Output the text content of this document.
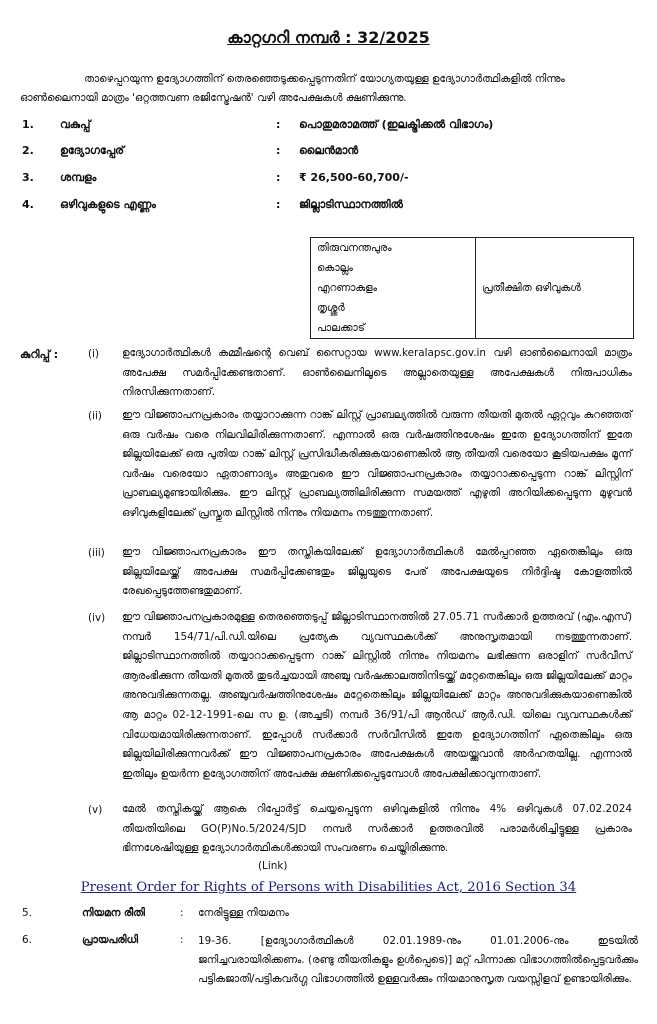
കാറ്റഗറി നമ്പർ : 32/2025
താഴെപ്പറയുന്ന ഉദ്യോഗത്തിന് തെരഞ്ഞെടുക്കപ്പെടുന്നതിന് യോഗ്യതയുള്ള ഉദ്യോഗാർത്ഥികളിൽ നിന്നും ഓൺലൈനായി മാത്രം 'ഒറ്റത്തവണ രജിസ്ട്രേഷൻ' വഴി അപേക്ഷകൾ ക്ഷണിക്കുന്നു.
1. വകുപ്പ്	: പൊതുമരാമത്ത് (ഇലക്ട്രിക്കൽ വിഭാഗം)
2. ഉദ്യോഗപ്പേര്	: ലൈൻമാൻ
3. ശമ്പളം	: ₹ 26,500-60,700/-
4. ഒഴിവുകളുടെ എണ്ണം	: ജില്ലാടിസ്ഥാനത്തിൽ
തിരുവനന്തപുരം
കൊല്ലം
എറണാകുളം
തൃശ്ശൂർ
പാലക്കാട്
	പ്രതീക്ഷിത ഒഴിവുകൾ
കുറിപ്പ് :	(i) ഉദ്യോഗാർത്ഥികൾ കമ്മീഷന്റെ വെബ് സൈറ്റായ www.keralapsc.gov.in വഴി ഓൺലൈനായി മാത്രം അപേക്ഷ സമർപ്പിക്കേണ്ടതാണ്. ഓൺലൈനിലൂടെ അല്ലാതെയുള്ള അപേക്ഷകൾ നിരുപാധികം നിരസിക്കുന്നതാണ്.
(ii) ഈ വിജ്ഞാപനപ്രകാരം തയ്യാറാക്കുന്ന റാങ്ക് ലിസ്റ്റ് പ്രാബല്യത്തിൽ വരുന്ന തീയതി മുതൽ ഏറ്റവും കുറഞ്ഞത് ഒരു വർഷം വരെ നിലവിലിരിക്കുന്നതാണ്. എന്നാൽ ഒരു വർഷത്തിനുശേഷം ഇതേ ഉദ്യോഗത്തിന് ഇതേ ജില്ലയിലേക്ക് ഒരു പുതിയ റാങ്ക് ലിസ്റ്റ് പ്രസിദ്ധീകരിക്കുകയാണെങ്കിൽ ആ തീയതി വരെയോ കൂടിയപക്ഷം മൂന്ന് വർഷം വരെയോ ഏതാണാദ്യം അതുവരെ ഈ വിജ്ഞാപനപ്രകാരം തയ്യാറാക്കപ്പെടുന്ന റാങ്ക് ലിസ്റ്റിന് പ്രാബല്യമുണ്ടായിരിക്കും. ഈ ലിസ്റ്റ് പ്രാബല്യത്തിലിരിക്കുന്ന സമയത്ത് എഴുതി അറിയിക്കപ്പെടുന്ന മുഴുവൻ ഒഴിവുകളിലേക്ക് പ്രസ്തുത ലിസ്റ്റിൽ നിന്നും നിയമനം നടത്തുന്നതാണ്.
(iii) ഈ വിജ്ഞാപനപ്രകാരം ഈ തസ്തികയിലേക്ക് ഉദ്യോഗാർത്ഥികൾ മേൽപ്പറഞ്ഞ ഏതെങ്കിലും ഒരു ജില്ലയിലേയ്ക്ക് അപേക്ഷ സമർപ്പിക്കേണ്ടതും ജില്ലയുടെ പേര് അപേക്ഷയുടെ നിർദ്ദിഷ്ട കോളത്തിൽ രേഖപ്പെടുത്തേണ്ടതുമാണ്.
(iv) ഈ വിജ്ഞാപനപ്രകാരമുള്ള തെരഞ്ഞെടുപ്പ് ജില്ലാടിസ്ഥാനത്തിൽ 27.05.71 സർക്കാർ ഉത്തരവ് (എം.എസ്) നമ്പർ 154/71/പി.ഡി.യിലെ പ്രത്യേക വ്യവസ്ഥകൾക്ക് അനുസൃതമായി നടത്തുന്നതാണ്. ജില്ലാടിസ്ഥാനത്തിൽ തയ്യാറാക്കപ്പെടുന്ന റാങ്ക് ലിസ്റ്റിൽ നിന്നും നിയമനം ലഭിക്കുന്ന ഒരാളിന് സർവീസ് ആരംഭിക്കുന്ന തീയതി മുതൽ തുടർച്ചയായി അഞ്ചു വർഷക്കാലത്തിനിടയ്ക്ക് മറ്റേതെങ്കിലും ഒരു ജില്ലയിലേക്ക് മാറ്റം അനുവദിക്കുന്നതല്ല. അഞ്ചുവർഷത്തിനുശേഷം മറ്റേതെങ്കിലും ജില്ലയിലേക്ക് മാറ്റം അനുവദിക്കുകയാണെങ്കിൽ ആ മാറ്റം 02-12-1991-ലെ സ ഉ. (അച്ചടി) നമ്പർ 36/91/പി ആൻഡ് ആർ.ഡി. യിലെ വ്യവസ്ഥകൾക്ക് വിധേയമായിരിക്കുന്നതാണ്. ഇപ്പോൾ സർക്കാർ സർവീസിൽ ഇതേ ഉദ്യോഗത്തിന് ഏതെങ്കിലും ഒരു ജില്ലയിലിരിക്കുന്നവർക്ക് ഈ വിജ്ഞാപനപ്രകാരം അപേക്ഷകൾ അയയ്ക്കുവാൻ അർഹതയില്ല. എന്നാൽ ഇതിലും ഉയർന്ന ഉദ്യോഗത്തിന് അപേക്ഷ ക്ഷണിക്കപ്പെടുമ്പോൾ അപേക്ഷിക്കാവുന്നതാണ്.
(v) മേൽ തസ്തികയ്ക്ക് ആകെ റിപ്പോർട്ട് ചെയ്യപ്പെടുന്ന ഒഴിവുകളിൽ നിന്നും 4% ഒഴിവുകൾ 07.02.2024 തീയതിയിലെ GO(P)No.5/2024/SJD നമ്പർ സർക്കാർ ഉത്തരവിൽ പരാമർശിച്ചിട്ടുള്ള പ്രകാരം ഭിന്നശേഷിയുള്ള ഉദ്യോഗാർത്ഥികൾക്കായി സംവരണം ചെയ്തിരിക്കുന്നു.
(Link)
Present Order for Rights of Persons with Disabilities Act, 2016 Section 34
5.	നിയമന രീതി	: നേരിട്ടുള്ള നിയമനം
6.	പ്രായപരിധി	: 19-36. [ഉദ്യോഗാർത്ഥികൾ 02.01.1989-നും 01.01.2006-നും ഇടയിൽ ജനിച്ചവരായിരിക്കണം. (രണ്ടു തീയതികളും ഉൾപ്പെടെ)] മറ്റ് പിന്നാക്ക വിഭാഗത്തിൽപ്പെട്ടവർക്കും പട്ടികജാതി/പട്ടികവർഗ്ഗ വിഭാഗത്തിൽ ഉള്ളവർക്കും നിയമാനുസൃത വയസ്സിളവ് ഉണ്ടായിരിക്കും.
